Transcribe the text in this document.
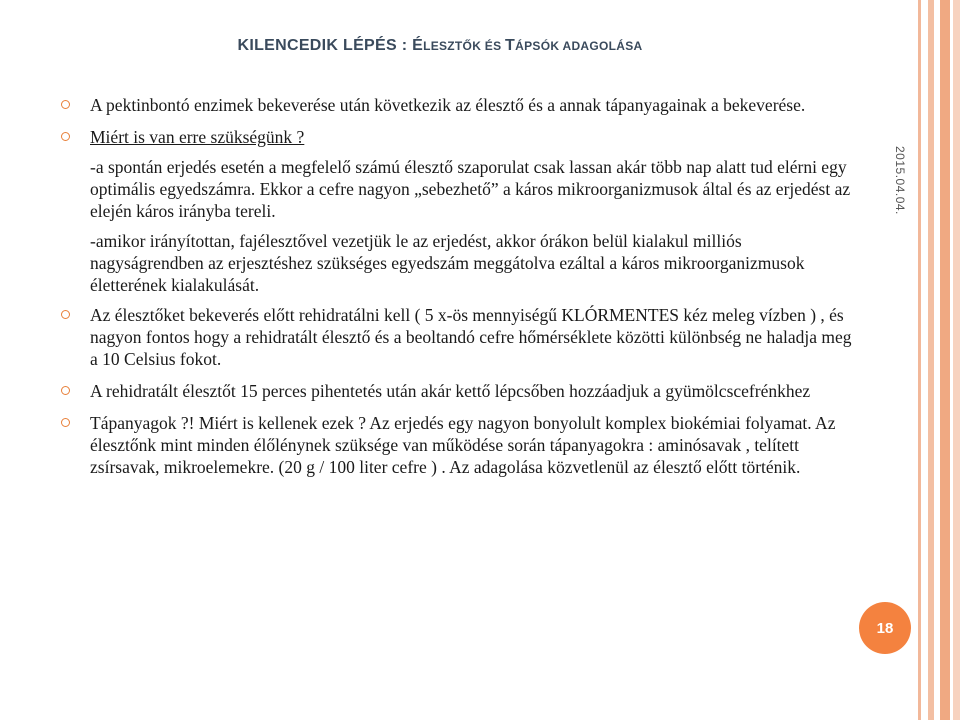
KILENCEDIK LÉPÉS : ÉLESZTŐK ÉS TÁPSÓK ADAGOLÁSA
A pektinbontó enzimek bekeverése után következik az élesztő és a annak tápanyagainak a bekeverése.
Miért is van erre szükségünk ?
-a spontán erjedés esetén a megfelelő számú élesztő szaporulat csak lassan akár több nap alatt tud elérni egy optimális egyedszámra. Ekkor a cefre nagyon „sebezhető” a káros mikroorganizmusok által és az erjedést az elején káros irányba tereli.
-amikor irányítottan, fajélesztővel vezetjük le az erjedést, akkor órákon belül kialakul milliós nagyságrendben az erjesztéshez szükséges egyedszám meggátolva ezáltal a káros mikroorganizmusok életterének kialakulását.
Az élesztőket bekeverés előtt rehidratálni kell ( 5 x-ös mennyiségű KLÓRMENTES kéz meleg vízben ) , és nagyon fontos hogy a rehidratált élesztő és a beoltandó cefre hőmérséklete közötti különbség ne haladja meg a 10 Celsius fokot.
A rehidratált élesztőt 15 perces pihentetés után akár kettő lépcsőben hozzáadjuk a gyümölcscefrénkhez
Tápanyagok ?! Miért is kellenek ezek ? Az erjedés egy nagyon bonyolult komplex biokémiai folyamat. Az élesztőnk mint minden élőlénynek szüksége van működése során tápanyagokra : aminósavak , telített zsírsavak, mikroelemekre. (20 g / 100 liter cefre ) . Az adagolása közvetlenül az élesztő előtt történik.
2015.04.04.
18
